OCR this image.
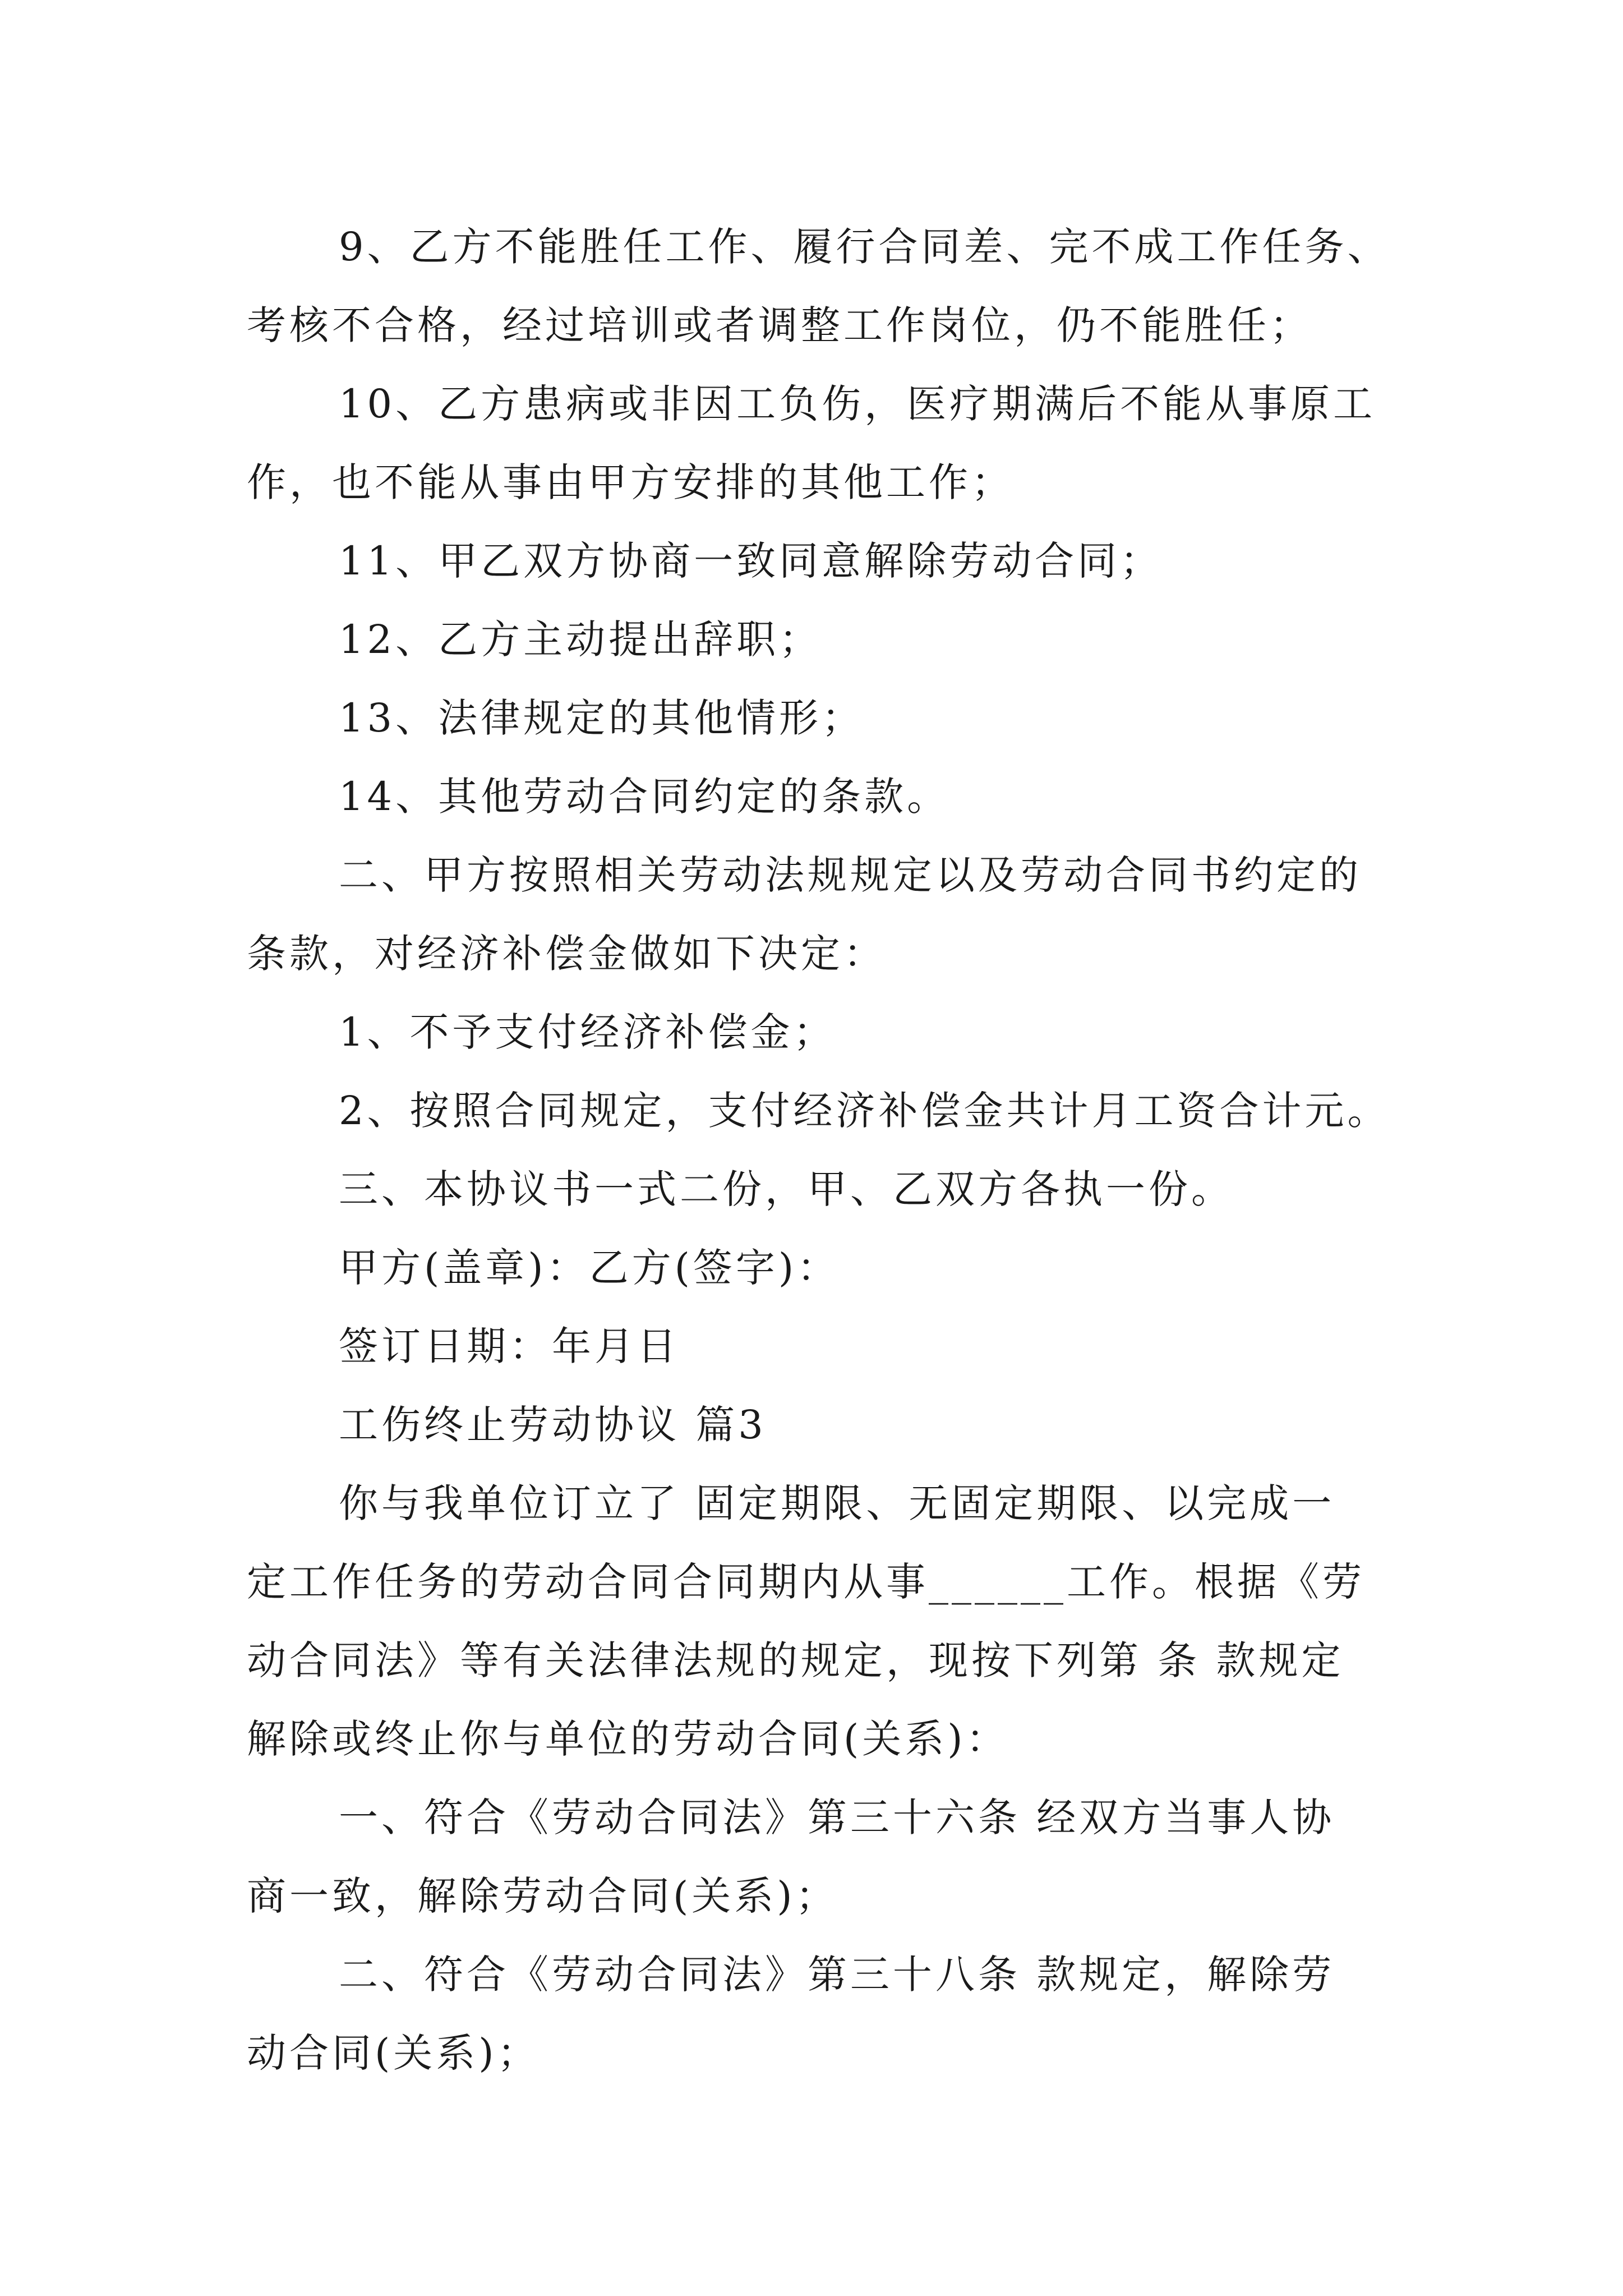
9、乙方不能胜任工作、履行合同差、完不成工作任务、
考核不合格，经过培训或者调整工作岗位，仍不能胜任；
10、乙方患病或非因工负伤，医疗期满后不能从事原工
作，也不能从事由甲方安排的其他工作；
11、甲乙双方协商一致同意解除劳动合同；
12、乙方主动提出辞职；
13、法律规定的其他情形；
14、其他劳动合同约定的条款。
二、甲方按照相关劳动法规规定以及劳动合同书约定的
条款，对经济补偿金做如下决定：
1、不予支付经济补偿金；
2、按照合同规定，支付经济补偿金共计月工资合计元。
三、本协议书一式二份，甲、乙双方各执一份。
甲方(盖章)：乙方(签字)：
签订日期：年月日
工伤终止劳动协议 篇3
你与我单位订立了 固定期限、无固定期限、以完成一
定工作任务的劳动合同合同期内从事______工作。根据《劳
动合同法》等有关法律法规的规定，现按下列第 条 款规定
解除或终止你与单位的劳动合同(关系)：
一、符合《劳动合同法》第三十六条 经双方当事人协
商一致，解除劳动合同(关系)；
二、符合《劳动合同法》第三十八条 款规定，解除劳
动合同(关系)；
